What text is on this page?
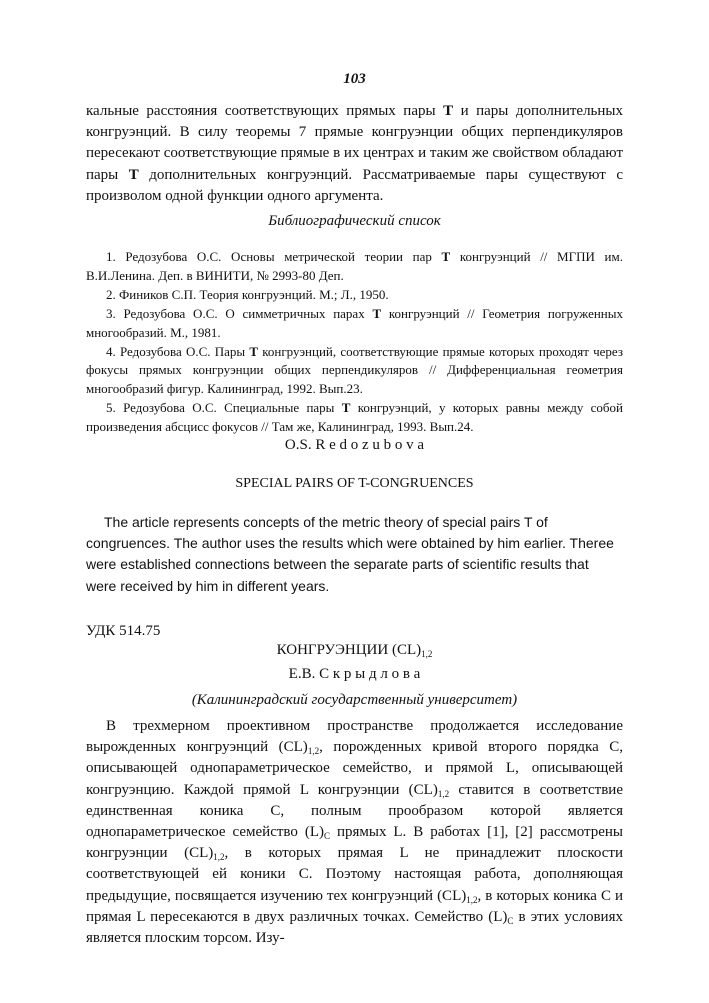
103

кальные расстояния соответствующих прямых пары T и пары дополнительных конгруэнций. В силу теоремы 7 прямые конгруэнции общих перпендикуляров пересекают соответствующие прямые в их центрах и таким же свойством обладают пары T дополнительных конгруэнций. Рассматриваемые пары существуют с произволом одной функции одного аргумента.

Библиографический список

1. Редозубова О.С. Основы метрической теории пар T конгруэнций // МГПИ им. В.И.Ленина. Деп. в ВИНИТИ, № 2993-80 Деп.

2. Фиников С.П. Теория конгруэнций. М.; Л., 1950.

3. Редозубова О.С. О симметричных парах T конгруэнций // Геометрия погруженных многообразий. М., 1981.

4. Редозубова О.С. Пары T конгруэнций, соответствующие прямые которых проходят через фокусы прямых конгруэнции общих перпендикуляров // Дифференциальная геометрия многообразий фигур. Калининград, 1992. Вып.23.

5. Редозубова О.С. Специальные пары T конгруэнций, у которых равны между собой произведения абсцисс фокусов // Там же, Калининград, 1993. Вып.24.

O.S. R e d o z u b o v a

SPECIAL PAIRS OF T-CONGRUENCES

The article represents concepts of the metric theory of special pairs T of congruences. The author uses the results which were obtained by him earlier. Theree were established connections between the separate parts of scientific results that were received by him in different years.

УДК 514.75

КОНГРУЭНЦИИ $(CL)_{1,2}$

Е.В. С к р ы д л о в а

(Калининградский государственный университет)

В трехмерном проективном пространстве продолжается исследование вырожденных конгруэнций $(CL)_{1,2}$, порожденных кривой второго порядка С, описывающей однопараметрическое семейство, и прямой L, описывающей конгруэнцию. Каждой прямой L конгруэнции $(CL)_{1,2}$ ставится в соответствие единственная коника С, полным прообразом которой является однопараметрическое семейство $(L)_C$ прямых L. В работах [1], [2] рассмотрены конгруэнции $(CL)_{1,2}$, в которых прямая L не принадлежит плоскости соответствующей ей коники С. Поэтому настоящая работа, дополняющая предыдущие, посвящается изучению тех конгруэнций $(CL)_{1,2}$, в которых коника С и прямая L пересекаются в двух различных точках. Семейство $(L)_C$ в этих условиях является плоским торсом. Изу-
